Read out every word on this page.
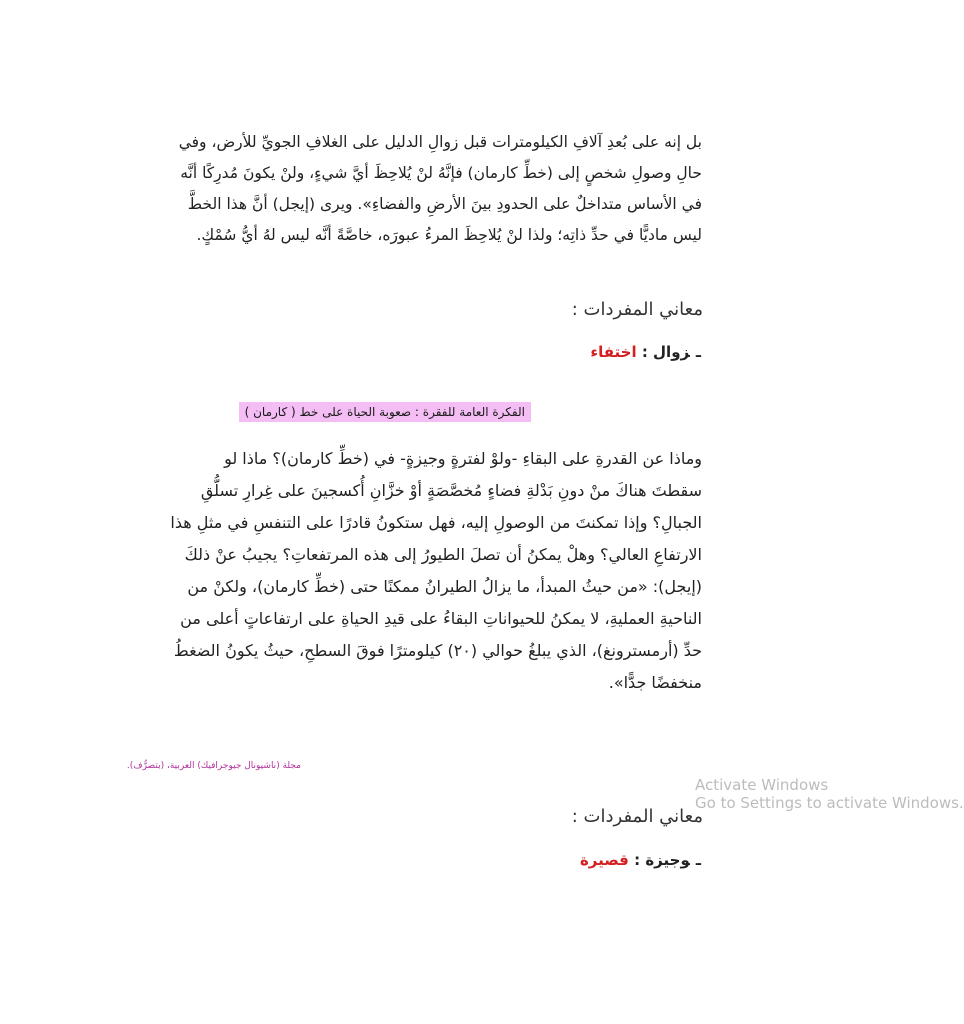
بل إنه على بُعدِ آلافِ الكيلومترات قبل زوالِ الدليل على الغلافِ الجويِّ للأرض، وفي
حالِ وصولِ شخصٍ إلى (خطِّ كارمان) فإنَّهُ لنْ يُلاحِظَ أيَّ شيءٍ، ولنْ يكونَ مُدرِكًا أنَّه
في الأساس متداخلٌ على الحدودِ بينَ الأرضِ والفضاءِ». ويرى (إيجل) أنَّ هذا الخطَّ
ليس ماديًّا في حدِّ ذاتِه؛ ولذا لنْ يُلاحِظَ المرءُ عبورَه، خاصَّةً أنَّه ليس لهُ أيُّ سُمْكٍ.
معاني المفردات :
ـزوال : اختفاء
الفكرة العامة للفقرة : صعوبة الحياة على خط ( كارمان )
وماذا عن القدرةِ على البقاءِ -ولوْ لفترةٍ وجيزةٍ- في (خطِّ كارمان)؟ ماذا لو
سقطتَ هناكَ منْ دونِ بَدْلةِ فضاءٍ مُخصَّصَةٍ أوْ خزَّانِ أُكسجينَ على غِرارِ تسلُّقِ
الجبالِ؟ وإذا تمكنتَ من الوصولِ إليه، فهل ستكونُ قادرًا على التنفسِ في مثلِ هذا
الارتفاعِ العالي؟ وهلْ يمكنُ أن تصلَ الطيورُ إلى هذه المرتفعاتِ؟ يجيبُ عنْ ذلكَ
(إيجل): «من حيثُ المبدأ، ما يزالُ الطيرانُ ممكنًا حتى (خطِّ كارمان)، ولكنْ من
الناحيةِ العمليةِ، لا يمكنُ للحيواناتِ البقاءُ على قيدِ الحياةِ على ارتفاعاتٍ أعلى من
حدِّ (أرمسترونغ)، الذي يبلغُ حوالي (٢٠) كيلومترًا فوقَ السطحِ، حيثُ يكونُ الضغطُ
منخفضًا جدًّا».
مجلة (ناشيونال جيوجرافيك) العربية، (بتصرُّف).
معاني المفردات :
ـوجيزة : قصيرة
Activate Windows
Go to Settings to activate Windows.
